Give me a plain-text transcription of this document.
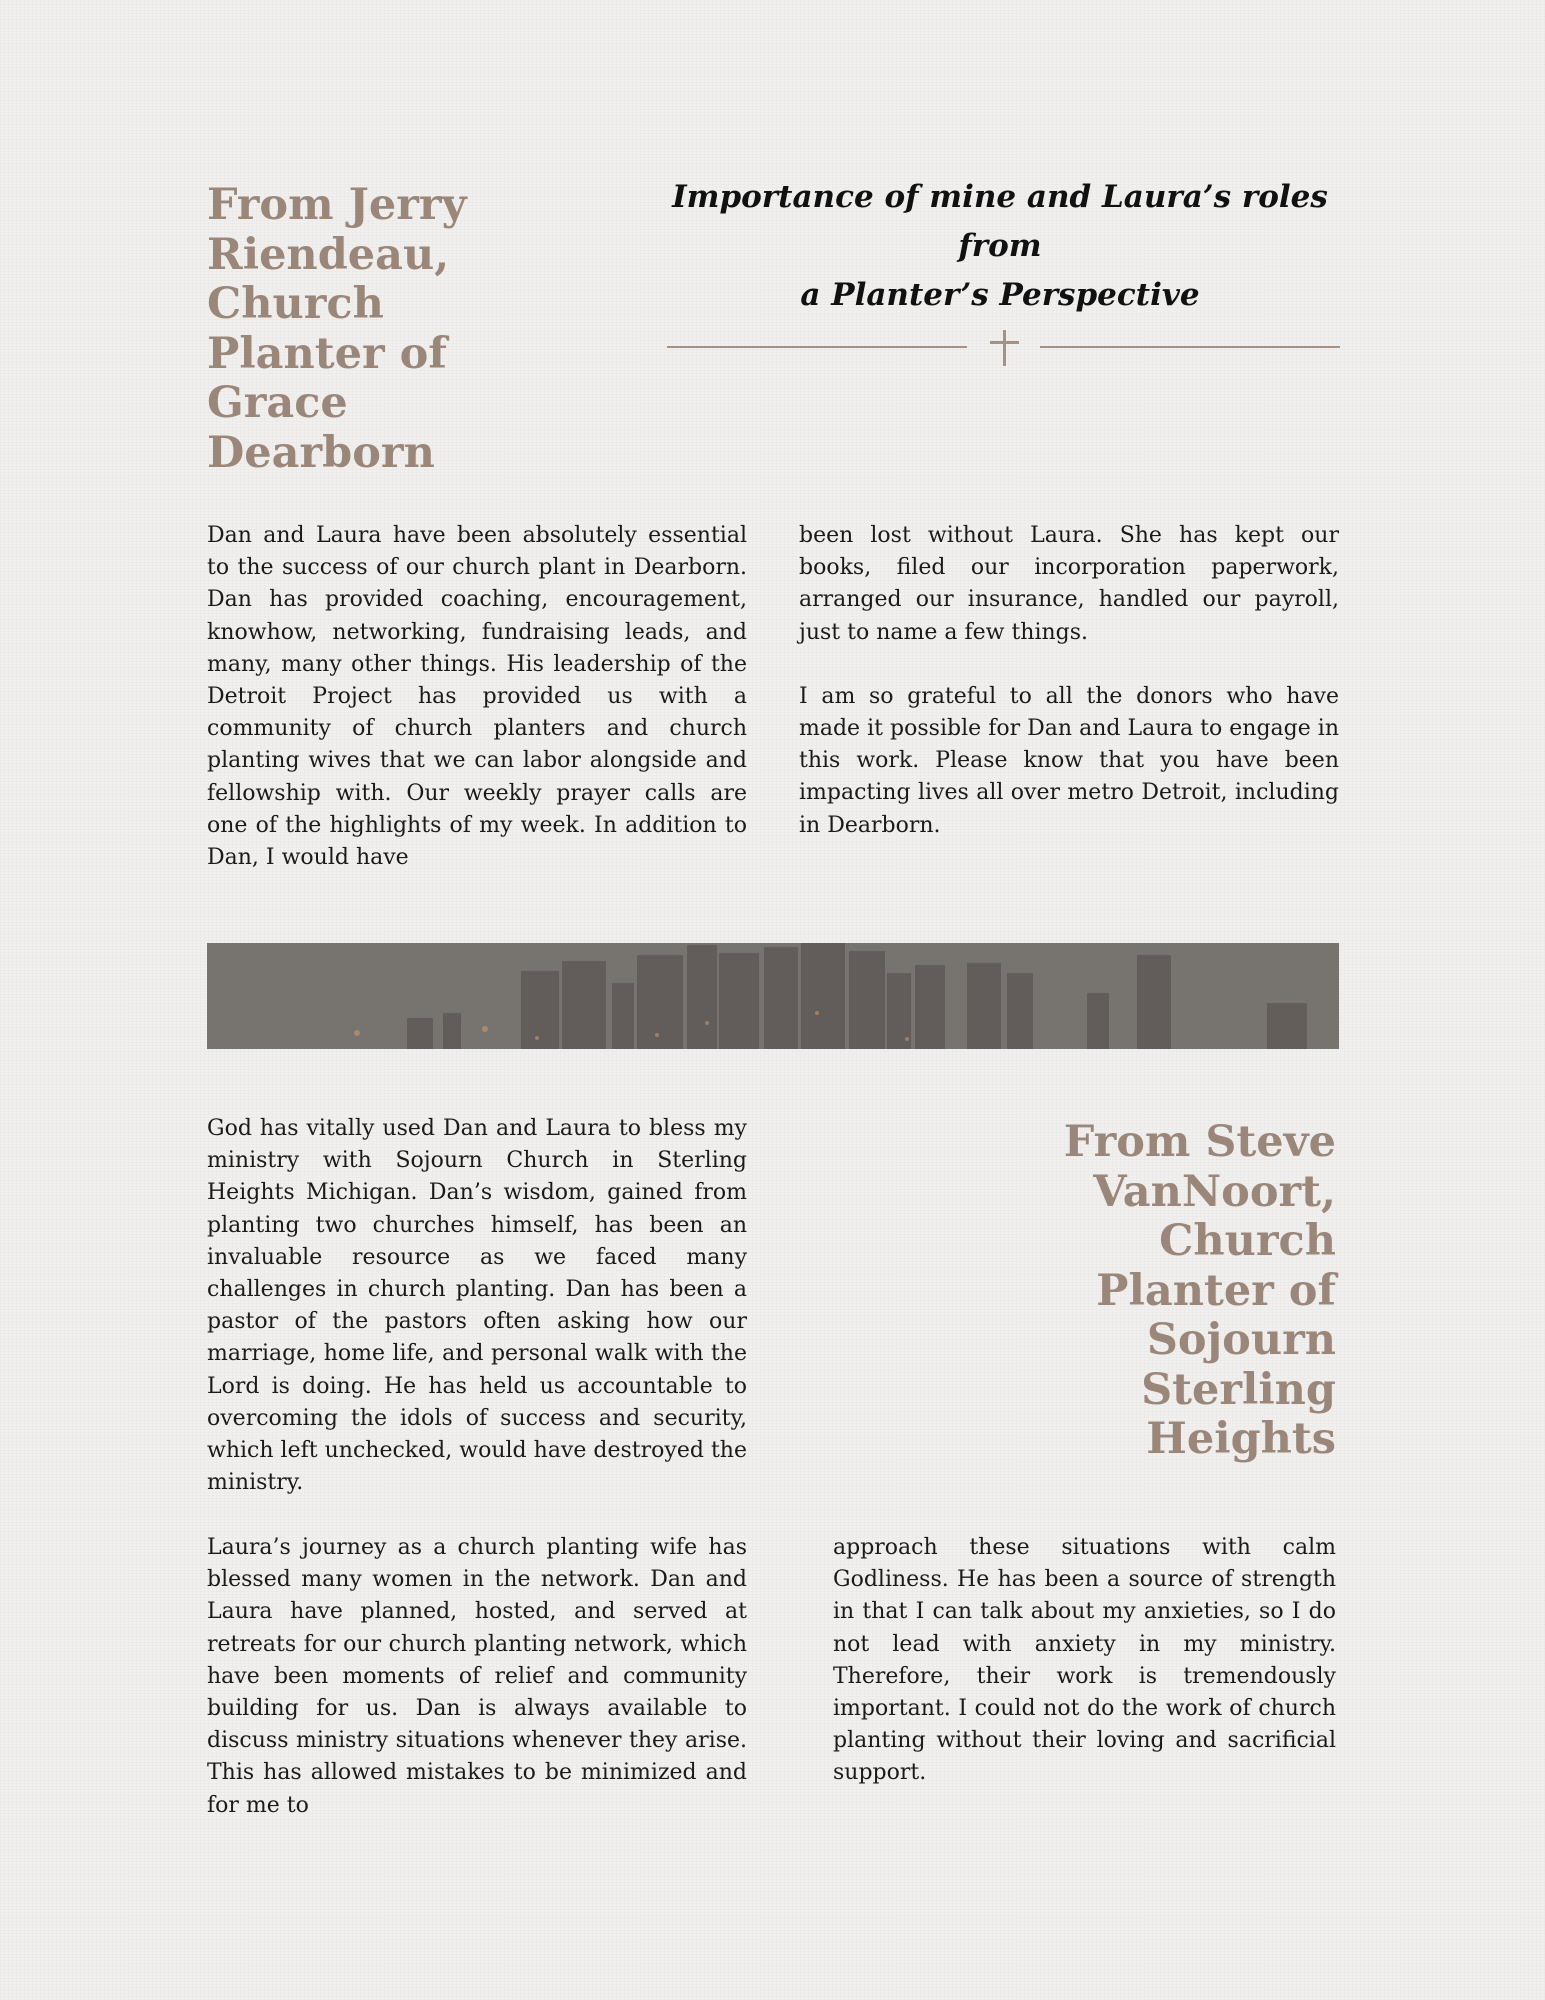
From Jerry
Riendeau,
Church
Planter of
Grace
Dearborn
Importance of mine and Laura’s roles from
a Planter’s Perspective

Dan and Laura have been absolutely essential to the success of our church plant in Dearborn. Dan has provided coaching, encouragement, knowhow, networking, fundraising leads, and many, many other things. His leadership of the Detroit Project has provided us with a community of church planters and church planting wives that we can labor alongside and fellowship with. Our weekly prayer calls are one of the highlights of my week. In addition to Dan, I would have

been lost without Laura. She has kept our books, filed our incorporation paperwork, arranged our insurance, handled our payroll, just to name a few things.

I am so grateful to all the donors who have made it possible for Dan and Laura to engage in this work. Please know that you have been impacting lives all over metro Detroit, including in Dearborn.

God has vitally used Dan and Laura to bless my ministry with Sojourn Church in Sterling Heights Michigan. Dan’s wisdom, gained from planting two churches himself, has been an invaluable resource as we faced many challenges in church planting. Dan has been a pastor of the pastors often asking how our marriage, home life, and personal walk with the Lord is doing. He has held us accountable to overcoming the idols of success and security, which left unchecked, would have destroyed the ministry.

From Steve
VanNoort,
Church
Planter of
Sojourn
Sterling
Heights

Laura’s journey as a church planting wife has blessed many women in the network. Dan and Laura have planned, hosted, and served at retreats for our church planting network, which have been moments of relief and community building for us. Dan is always available to discuss ministry situations whenever they arise. This has allowed mistakes to be minimized and for me to

approach these situations with calm Godliness. He has been a source of strength in that I can talk about my anxieties, so I do not lead with anxiety in my ministry. Therefore, their work is tremendously important. I could not do the work of church planting without their loving and sacrificial support.
